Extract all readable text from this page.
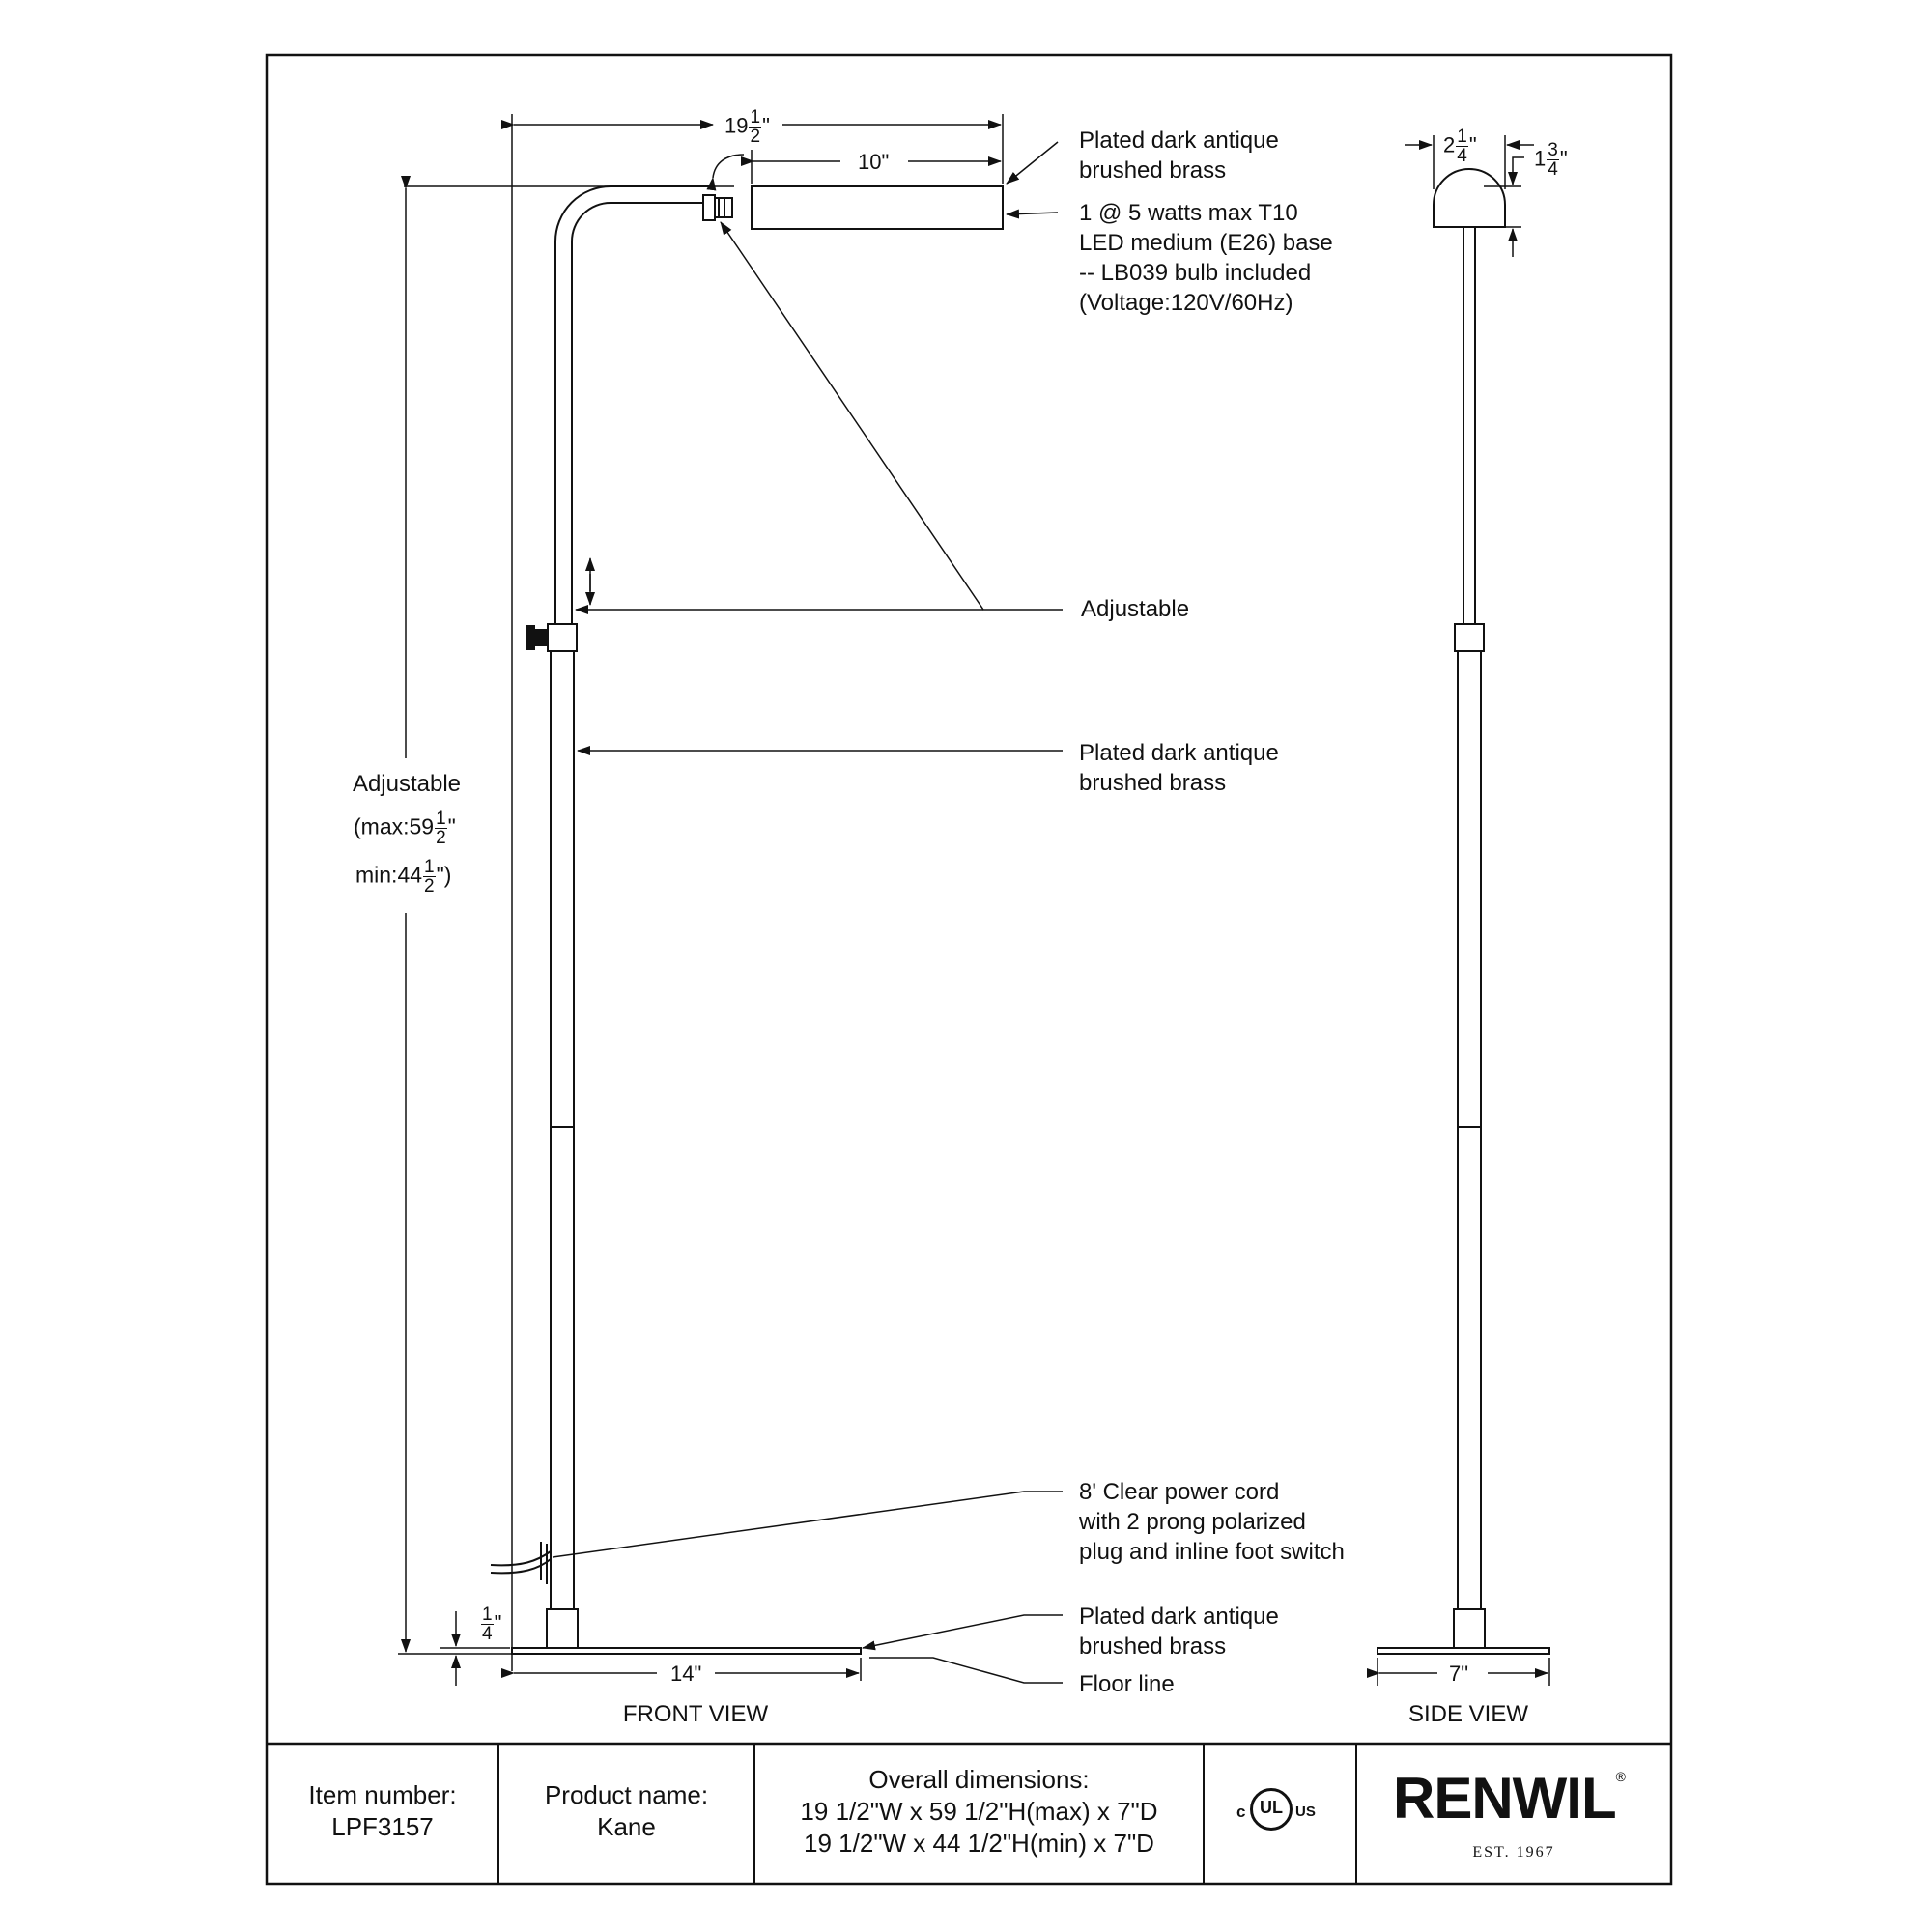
Plated dark antique
brushed brass
1 @ 5 watts max T10
LED medium (E26) base
-- LB039 bulb included
(Voltage:120V/60Hz)
Adjustable
Plated dark antique
brushed brass
8' Clear power cord
with 2 prong polarized
plug and inline foot switch
Plated dark antique
brushed brass
Floor line
$19 \frac{1}{2}$ "
10"
Adjustable
(max:59 $\frac{1}{2}$ "
min:44 $\frac{1}{2}$ ")
$\frac{1}{4}$ "
14"
$2 \frac{1}{4}$ "
$1 \frac{3}{4}$ "
7"
FRONT VIEW	SIDE VIEW
Item number:
LPF3157
Product name:
Kane
Overall dimensions:
19 1/2"W x 59 1/2"H(max) x 7"D
19 1/2"W x 44 1/2"H(min) x 7"D
c UL US RENWIL®
EST. 1967
